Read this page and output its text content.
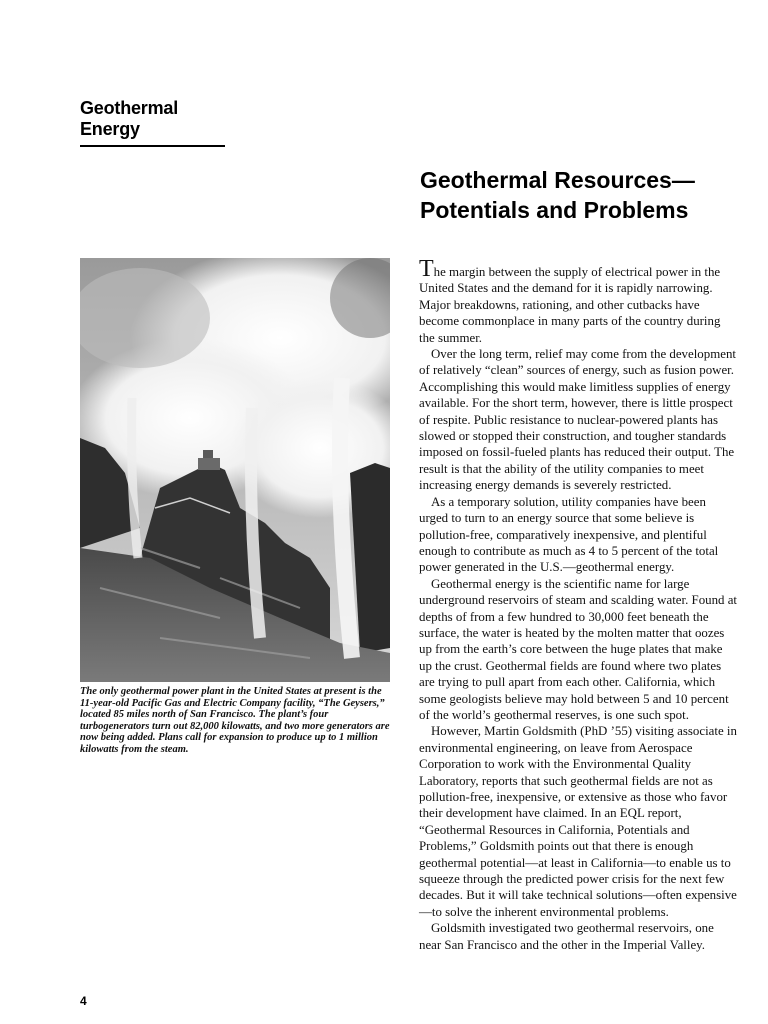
Geothermal Energy
Geothermal Resources—Potentials and Problems

The only geothermal power plant in the United States at present is the 11-year-old Pacific Gas and Electric Company facility, “The Geysers,” located 85 miles north of San Francisco. The plant’s four turbogenerators turn out 82,000 kilowatts, and two more generators are now being added. Plans call for expansion to produce up to 1 million kilowatts from the steam.

The margin between the supply of electrical power in the United States and the demand for it is rapidly narrowing. Major breakdowns, rationing, and other cutbacks have become commonplace in many parts of the country during the summer.

Over the long term, relief may come from the development of relatively “clean” sources of energy, such as fusion power. Accomplishing this would make limitless supplies of energy available. For the short term, however, there is little prospect of respite. Public resistance to nuclear-powered plants has slowed or stopped their construction, and tougher standards imposed on fossil-fueled plants has reduced their output. The result is that the ability of the utility companies to meet increasing energy demands is severely restricted.

As a temporary solution, utility companies have been urged to turn to an energy source that some believe is pollution-free, comparatively inexpensive, and plentiful enough to contribute as much as 4 to 5 percent of the total power generated in the U.S.—geothermal energy.

Geothermal energy is the scientific name for large underground reservoirs of steam and scalding water. Found at depths of from a few hundred to 30,000 feet beneath the surface, the water is heated by the molten matter that oozes up from the earth’s core between the huge plates that make up the crust. Geothermal fields are found where two plates are trying to pull apart from each other. California, which some geologists believe may hold between 5 and 10 percent of the world’s geothermal reserves, is one such spot.

However, Martin Goldsmith (PhD ’55) visiting associate in environmental engineering, on leave from Aerospace Corporation to work with the Environmental Quality Laboratory, reports that such geothermal fields are not as pollution-free, inexpensive, or extensive as those who favor their development have claimed. In an EQL report, “Geothermal Resources in California, Potentials and Problems,” Goldsmith points out that there is enough geothermal potential—at least in California—to enable us to squeeze through the predicted power crisis for the next few decades. But it will take technical solutions—often expensive—to solve the inherent environmental problems.

Goldsmith investigated two geothermal reservoirs, one near San Francisco and the other in the Imperial Valley.

4
